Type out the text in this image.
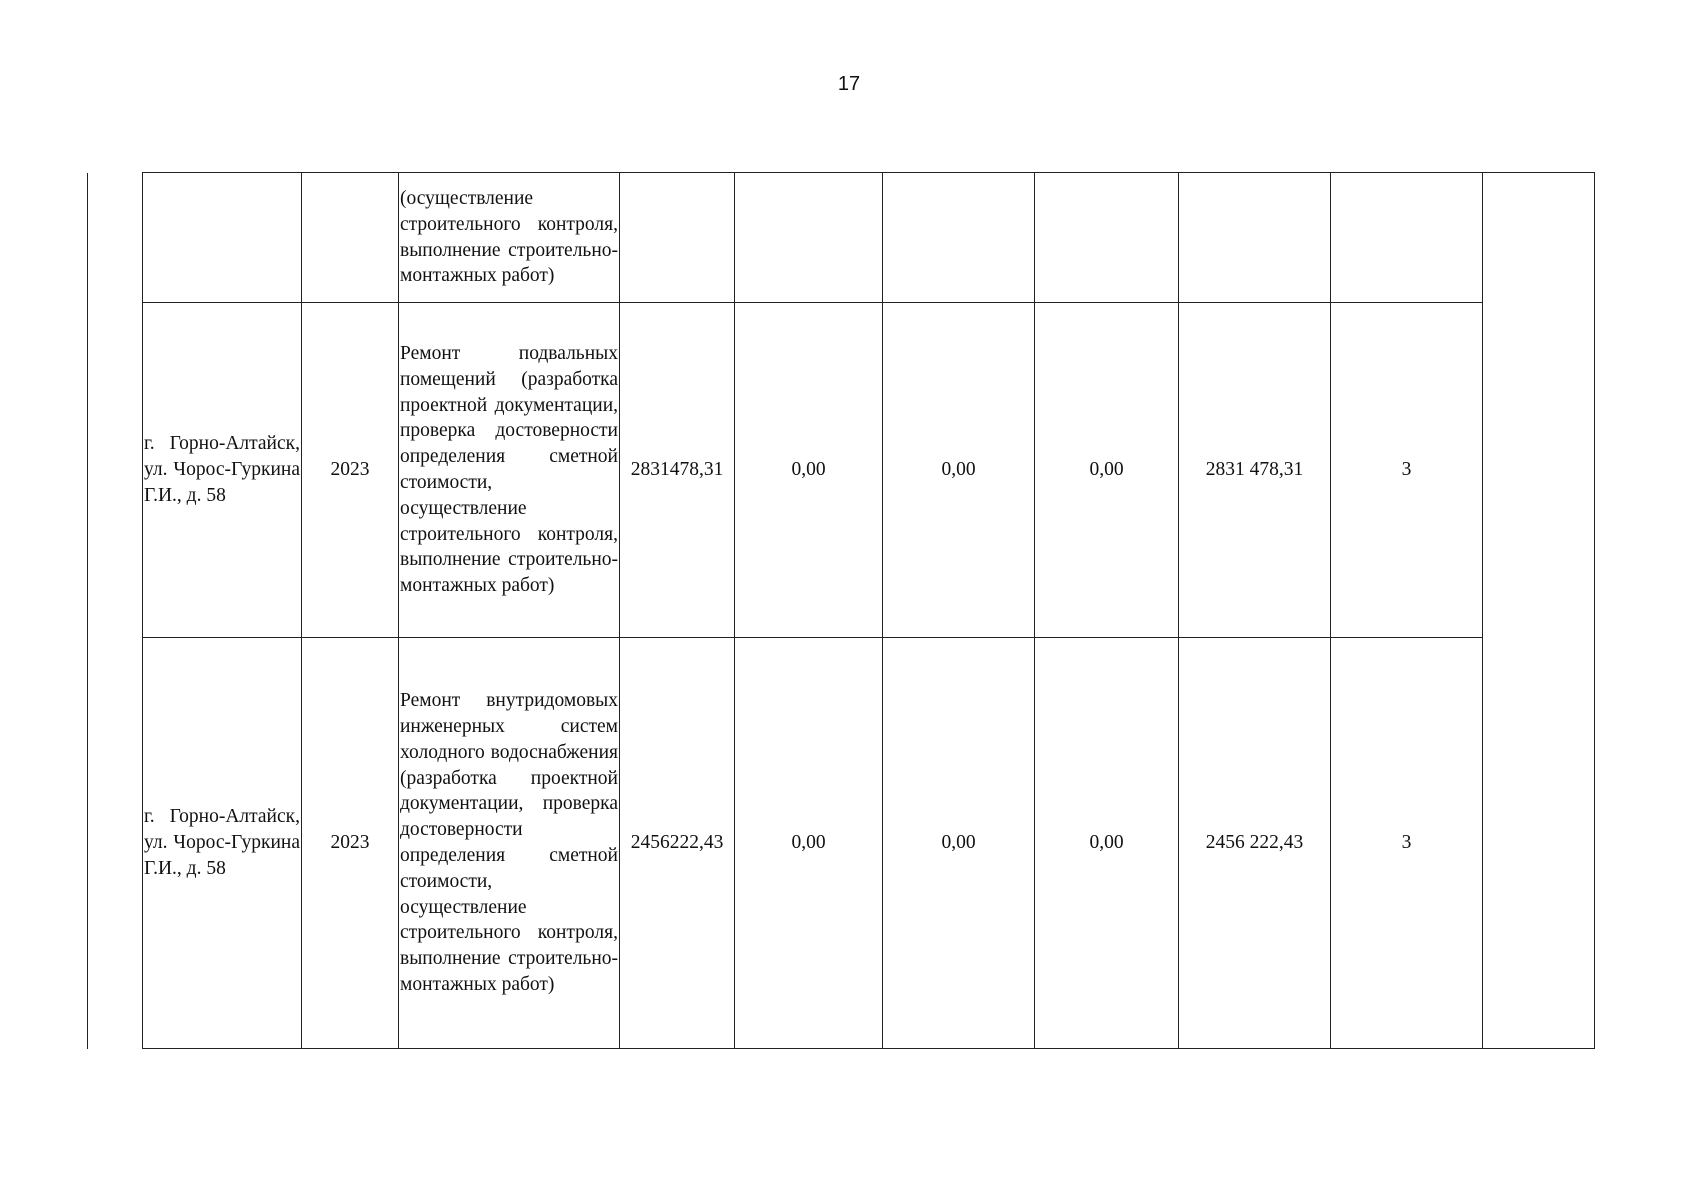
17
		(осуществление строительного контроля, выполнение строительно-монтажных работ)							
г. Горно-Алтайск, ул. Чорос-Гуркина Г.И., д. 58	2023	Ремонт подвальных помещений (разработка проектной документации, проверка достоверности определения сметной стоимости, осуществление строительного контроля, выполнение строительно-монтажных работ)	2831478,31	0,00	0,00	0,00	2831 478,31	3	
г. Горно-Алтайск, ул. Чорос-Гуркина Г.И., д. 58	2023	Ремонт внутридомовых инженерных систем холодного водоснабжения (разработка проектной документации, проверка достоверности определения сметной стоимости, осуществление строительного контроля, выполнение строительно-монтажных работ)	2456222,43	0,00	0,00	0,00	2456 222,43	3	
